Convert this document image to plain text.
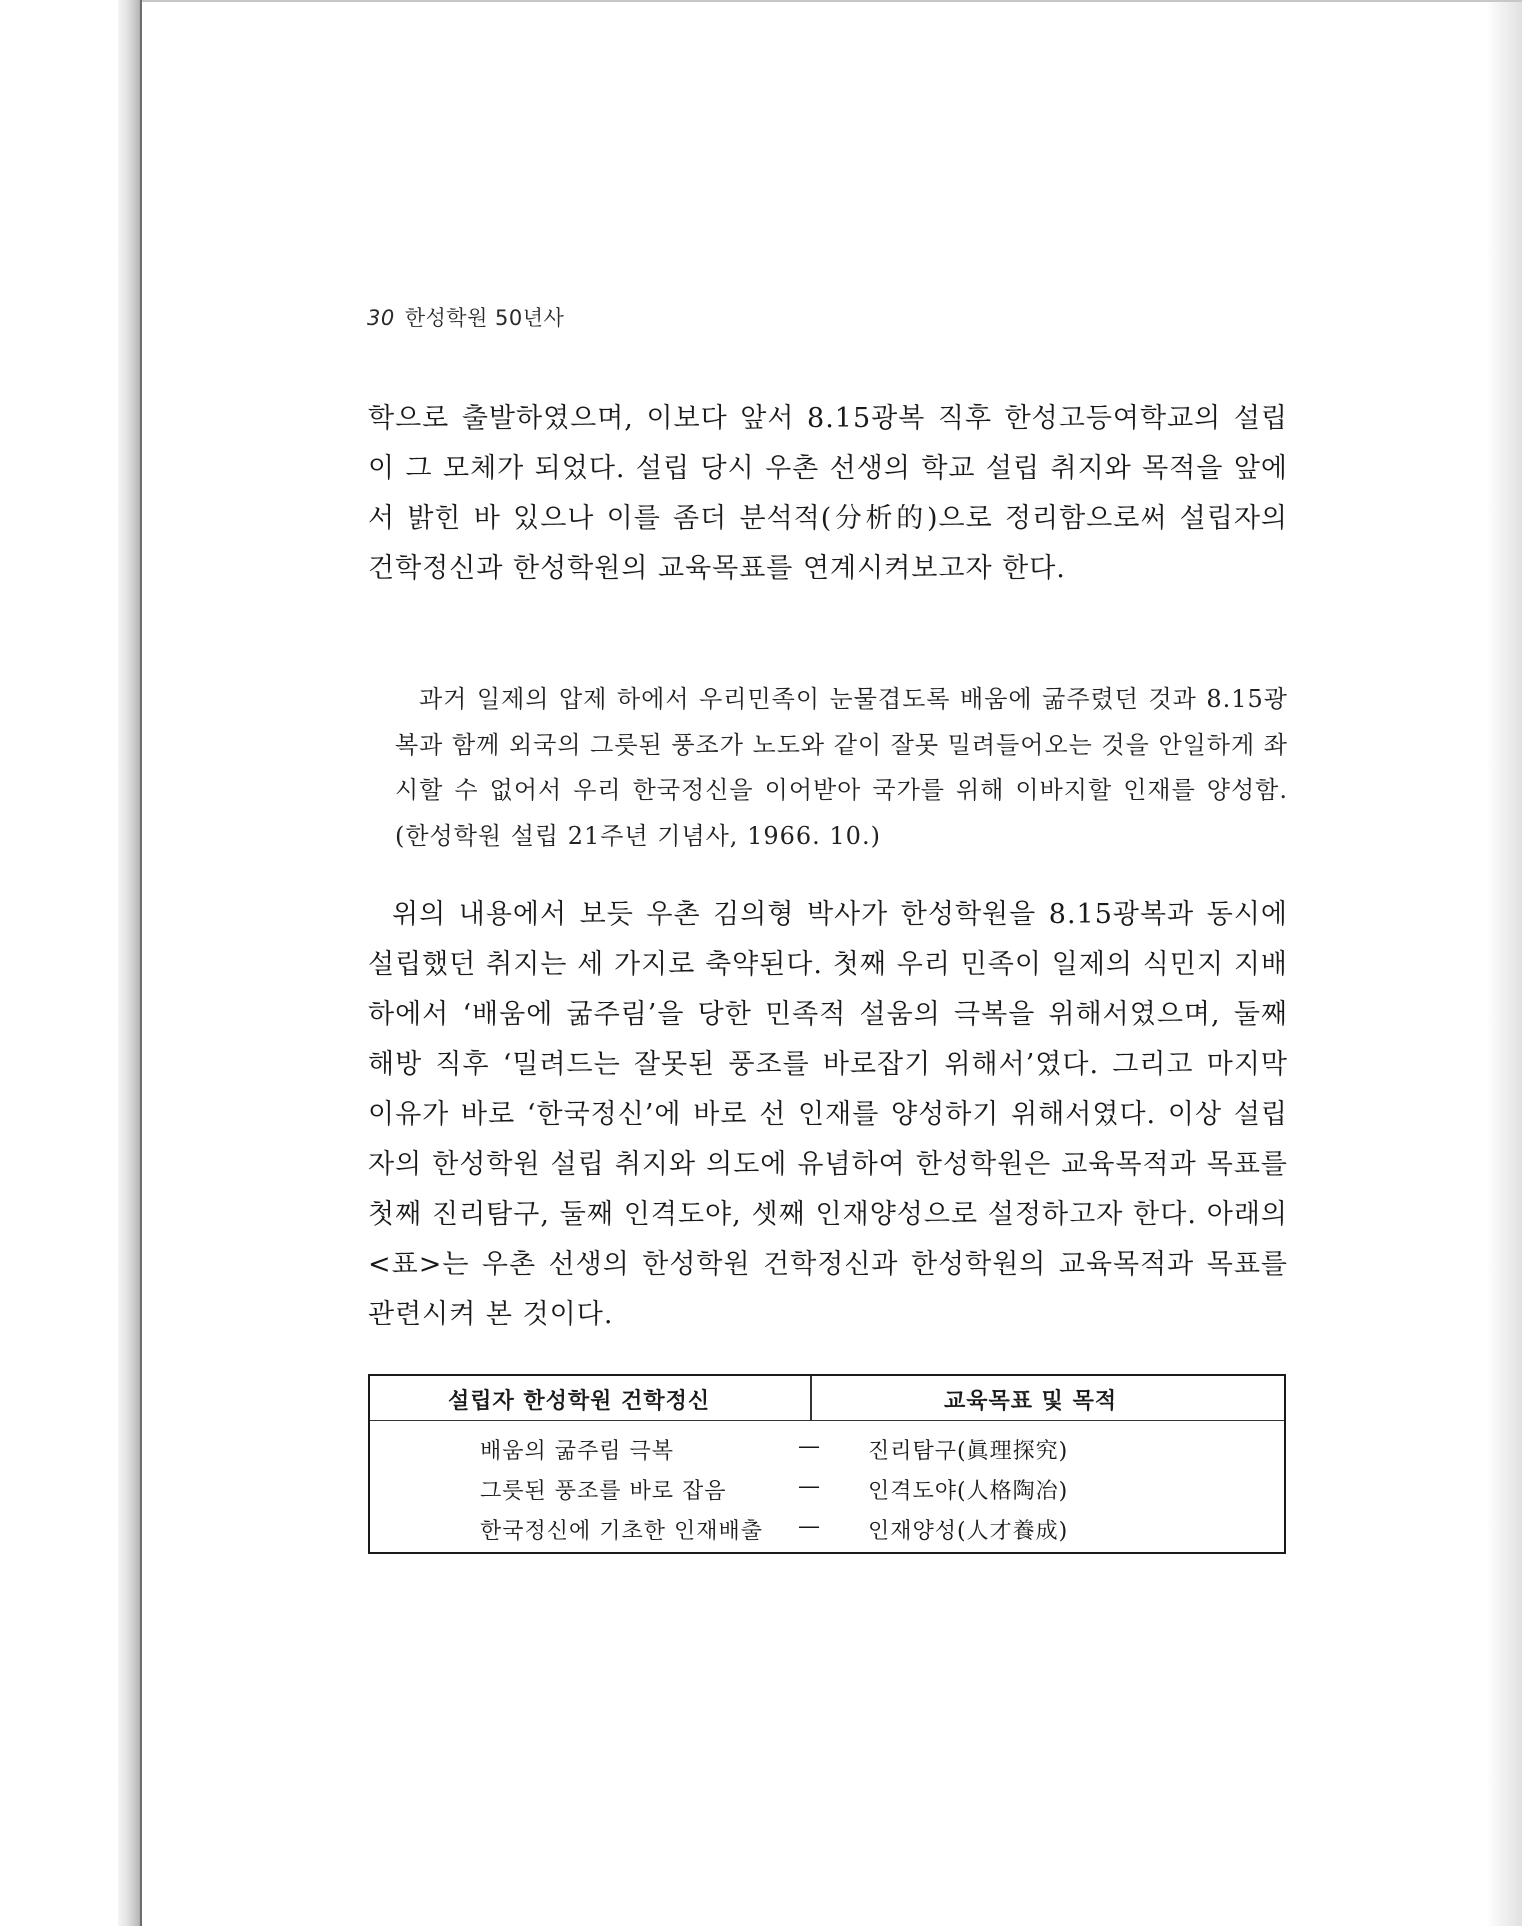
30 한성학원 50년사
학으로 출발하였으며, 이보다 앞서 8.15광복 직후 한성고등여학교의 설립이 그 모체가 되었다. 설립 당시 우촌 선생의 학교 설립 취지와 목적을 앞에서 밝힌 바 있으나 이를 좀더 분석적(分析的)으로 정리함으로써 설립자의 건학정신과 한성학원의 교육목표를 연계시켜보고자 한다.
과거 일제의 압제 하에서 우리민족이 눈물겹도록 배움에 굶주렸던 것과 8.15광복과 함께 외국의 그릇된 풍조가 노도와 같이 잘못 밀려들어오는 것을 안일하게 좌시할 수 없어서 우리 한국정신을 이어받아 국가를 위해 이바지할 인재를 양성함. (한성학원 설립 21주년 기념사, 1966. 10.)
위의 내용에서 보듯 우촌 김의형 박사가 한성학원을 8.15광복과 동시에 설립했던 취지는 세 가지로 축약된다. 첫째 우리 민족이 일제의 식민지 지배하에서 ‘배움에 굶주림’을 당한 민족적 설움의 극복을 위해서였으며, 둘째 해방 직후 ‘밀려드는 잘못된 풍조를 바로잡기 위해서’였다. 그리고 마지막 이유가 바로 ‘한국정신’에 바로 선 인재를 양성하기 위해서였다. 이상 설립자의 한성학원 설립 취지와 의도에 유념하여 한성학원은 교육목적과 목표를 첫째 진리탐구, 둘째 인격도야, 셋째 인재양성으로 설정하고자 한다. 아래의 <표>는 우촌 선생의 한성학원 건학정신과 한성학원의 교육목적과 목표를 관련시켜 본 것이다.
설립자 한성학원 건학정신	교육목표 및 목적
배움의 굶주림 극복	— 진리탐구(眞理探究)
그릇된 풍조를 바로 잡음	— 인격도야(人格陶冶)
한국정신에 기초한 인재배출 — 인재양성(人才養成)
